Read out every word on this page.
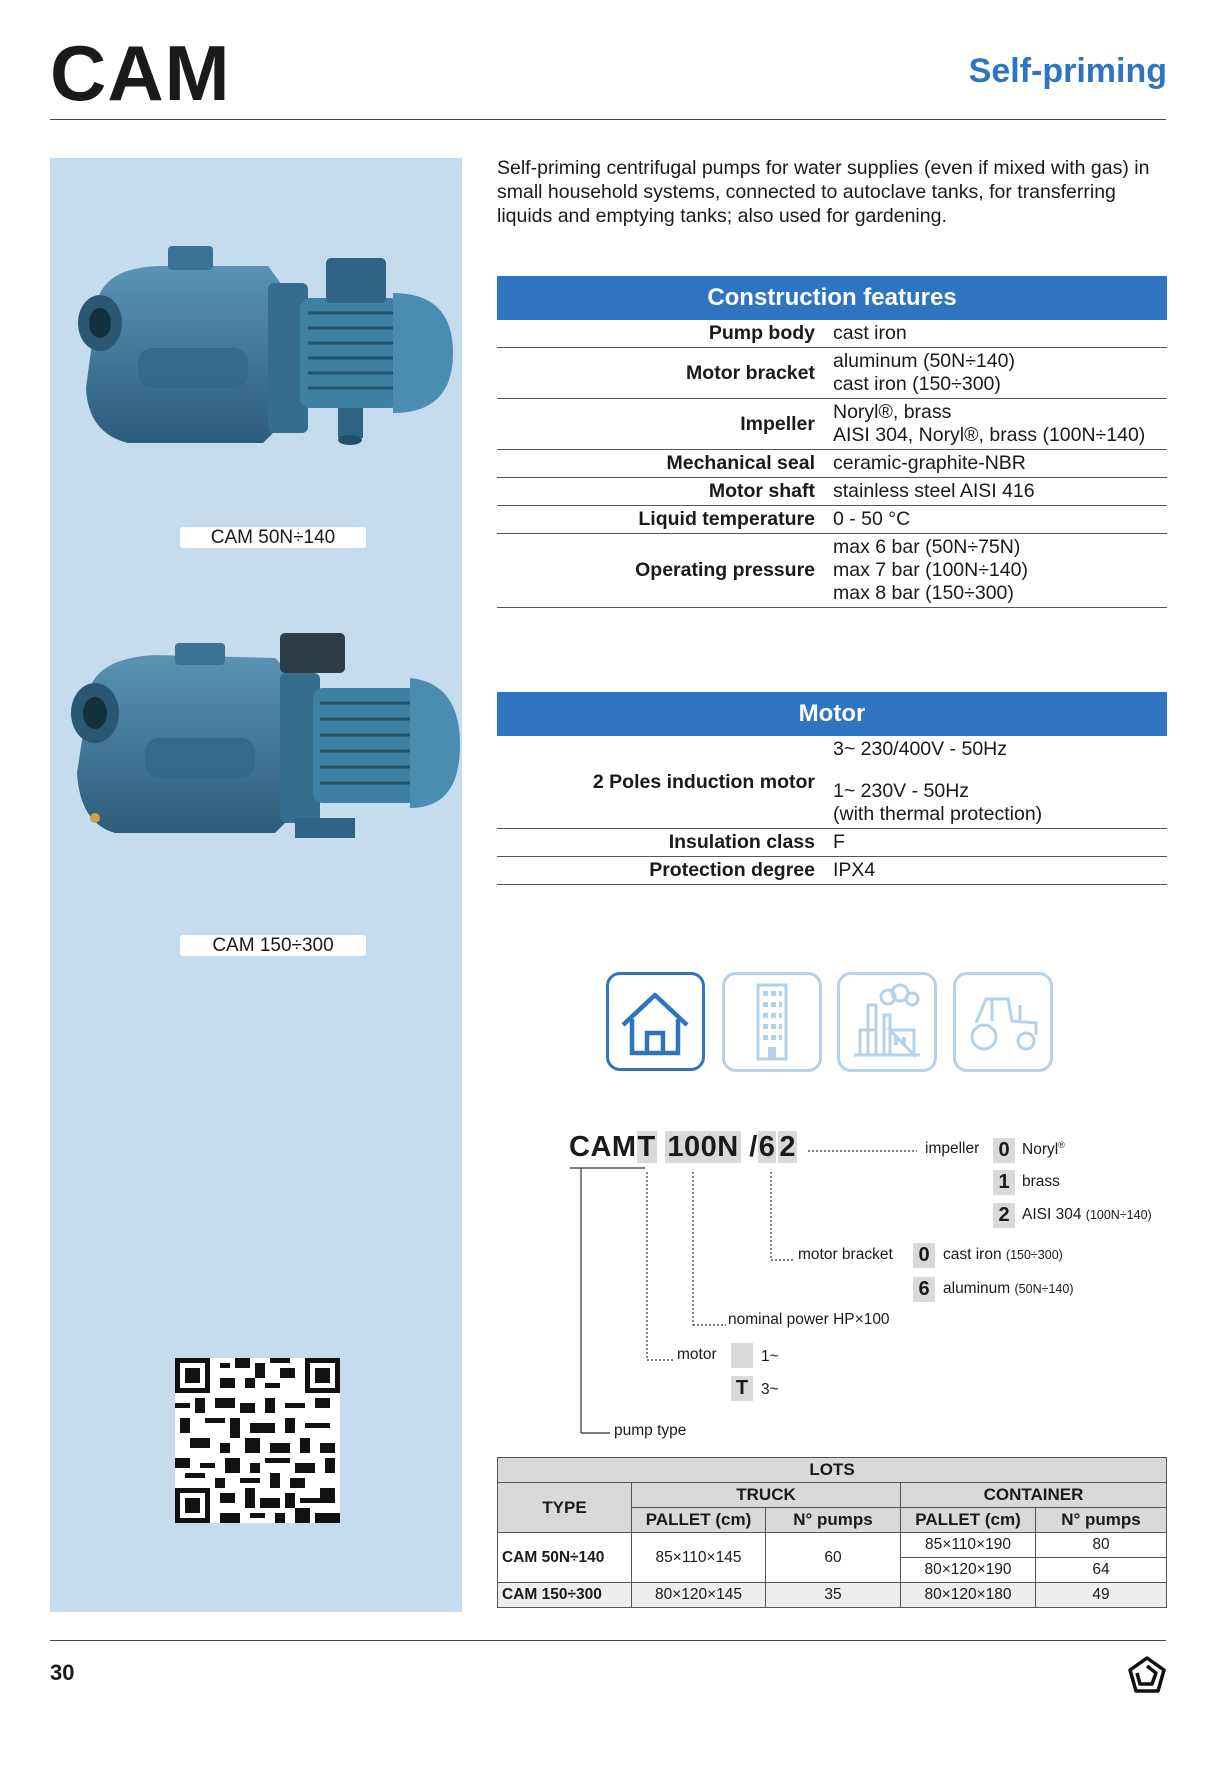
CAM	Self-priming
CAM 50N÷140
CAM 150÷300
Self-priming centrifugal pumps for water supplies (even if mixed with gas) in small household systems, connected to autoclave tanks, for transferring liquids and emptying tanks; also used for gardening.
Construction features
Pump body	cast iron

Motor bracket	aluminum (50N÷140)
cast iron (150÷300)

Impeller	Noryl®, brass
AISI 304, Noryl®, brass (100N÷140)

Mechanical seal	ceramic-graphite-NBR

Motor shaft	stainless steel AISI 416

Liquid temperature	0 - 50 °C

Operating pressure	max 6 bar (50N÷75N)
max 7 bar (100N÷140)
max 8 bar (150÷300)
Motor
2 Poles induction motor	3~ 230/400V - 50Hz
1~ 230V - 50Hz
(with thermal protection)

Insulation class	F

Protection degree	IPX4
CAMT 100N /6 2	impeller 0 Noryl®
1 brass
2 AISI 304 (100N÷140)
motor bracket 0 cast iron (150÷300)
6 aluminum (50N÷140)
nominal power HP×100
motor	1~
T 3~
pump type
LOTS				
TYPE	TRUCK		CONTAINER	
	PALLET (cm)	N° pumps	PALLET (cm)	N° pumps
CAM 50N÷140	85×110×145	60	85×110×190	80
			80×120×190	64
CAM 150÷300	80×120×145	35	80×120×180	49
30
